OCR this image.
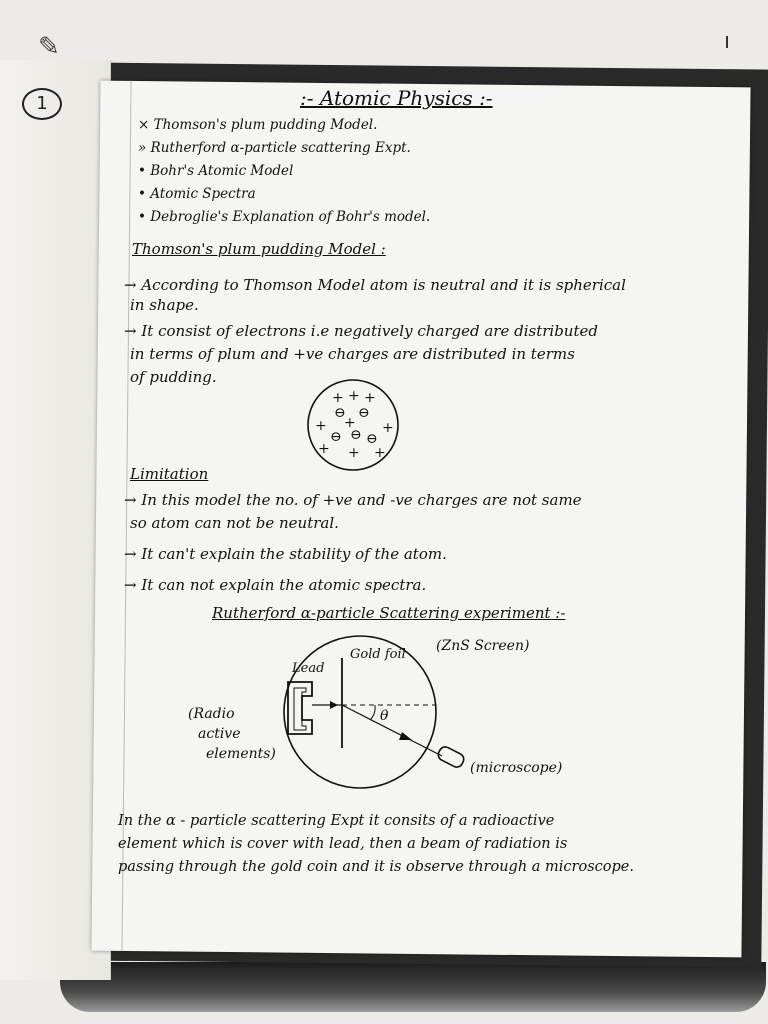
✎
1	:- Atomic Physics :-
× Thomson's plum pudding Model.
» Rutherford α-particle scattering Expt.
• Bohr's Atomic Model
• Atomic Spectra
• Debroglie's Explanation of Bohr's model.
Thomson's plum pudding Model :
→ According to Thomson Model atom is neutral and it is spherical
in shape.
→ It consist of electrons i.e negatively charged are distributed
in terms of plum and +ve charges are distributed in terms
of pudding.
+ + +
+ + +
+ + +
⊖ ⊖
⊖ ⊖ ⊖
Limitation
→ In this model the no. of +ve and -ve charges are not same
so atom can not be neutral.
→ It can't explain the stability of the atom.
→ It can not explain the atomic spectra.
Rutherford α-particle Scattering experiment :-
θ
Lead
Gold foil
(ZnS Screen)
(Radio
active
elements)
(microscope)
In the α - particle scattering Expt it consits of a radioactive
element which is cover with lead, then a beam of radiation is
passing through the gold coin and it is observe through a microscope.
